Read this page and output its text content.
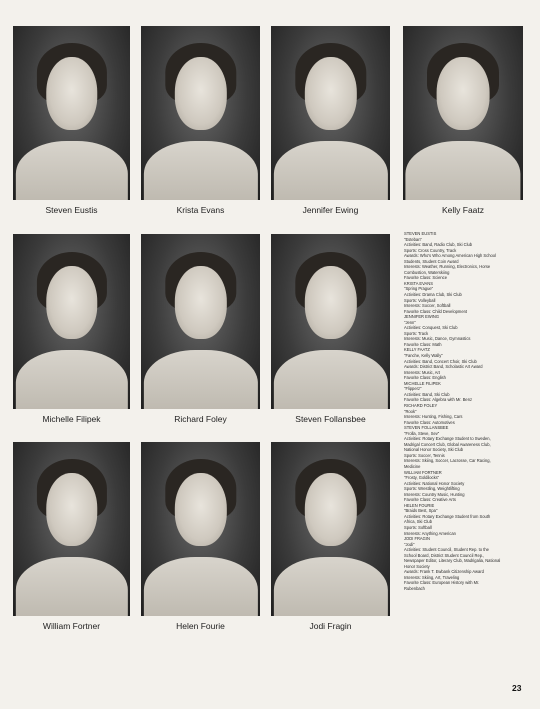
Steven Eustis	Krista Evans	Jennifer Ewing	Kelly Faatz
Michelle Filipek	Richard Foley	Steven Follansbee
William Fortner	Helen Fourie	Jodi Fragin
STEVEN EUSTIS
"Esteban"
Activities: Band, Radio Club, Ski Club
Sports: Cross Country, Track
Awards: Who's Who Among American High School
Students, Student Coin Award
Interests: Weather, Running, Electronics, Horse
Combustion, Waterskiing
Favorite Class: Science
KRISTA EVANS
"Spring Prague"
Activities: Drama Club, Ski Club
Sports: Volleyball
Interests: Soccer, Softball
Favorite Class: Child Development
JENNIFER EWING
"Jenn"
Activities: Conquest, Ski Club
Sports: Track
Interests: Music, Dance, Gymnastics
Favorite Class: Math
KELLY FAATZ
"Fanche, Kelly Wally"
Activities: Band, Concert Choir, Ski Club
Awards: District Band, Scholastic Art Award
Interests: Music, Art
Favorite Class: English
MICHELLE FILIPEK
"Flipperz"
Activities: Band, Ski Club
Favorite Class: Algebra with Mr. Benz
RICHARD FOLEY
"Rook"
Interests: Hunting, Fishing, Cars
Favorite Class: Automotives
STEVEN FOLLANSBEE
"Frolla, Steve, Sev"
Activities: Rotary Exchange Student to Sweden,
Madrigal Concert Club, Global Awareness Club,
National Honor Society, Ski Club
Sports: Soccer, Tennis
Interests: Skiing, Soccer, Lacrosse, Car Racing,
Medicine
WILLIAM FORTNER
"Frosty, Goldilocks"
Activities: National Honor Society
Sports: Wrestling, Weightlifting
Interests: Country Music, Hunting
Favorite Class: Creative Arts
HELEN FOURIE
"Braids Best, Spa"
Activities: Rotary Exchange Student from South
Africa, Ski Club
Sports: Softball
Interests: Anything American
JODI FRAGIN
"Jodi"
Activities: Student Council, Student Rep. to the
School Board, District Student Council Rep.,
Newspaper Editor, Literary Club, Madrigalia, National
Honor Society
Awards: Frank T. Ewbank Citizenship Award
Interests: Skiing, Art, Traveling
Favorite Class: European History with Mr.
Rubenbach
23
